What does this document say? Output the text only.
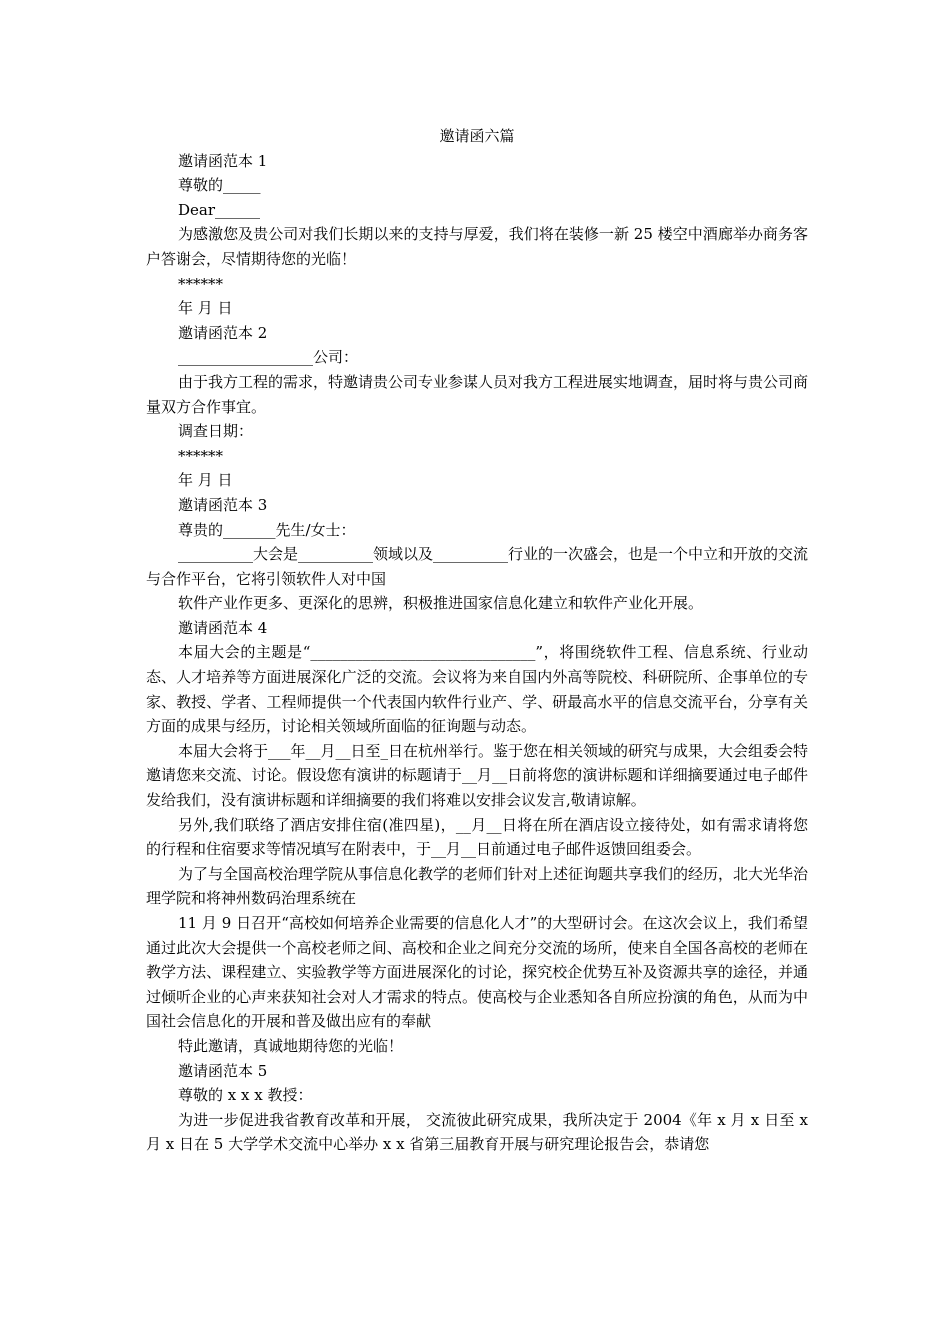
邀请函六篇

邀请函范本 1

尊敬的_____

Dear______

为感激您及贵公司对我们长期以来的支持与厚爱，我们将在装修一新 25 楼空中酒廊举办商务客户答谢会，尽情期待您的光临！

******

年 月 日

邀请函范本 2

__________________公司：

由于我方工程的需求，特邀请贵公司专业参谋人员对我方工程进展实地调查，届时将与贵公司商量双方合作事宜。

调查日期：

******

年 月 日

邀请函范本 3

尊贵的_______先生/女士：

__________大会是__________领域以及__________行业的一次盛会，也是一个中立和开放的交流与合作平台，它将引领软件人对中国

软件产业作更多、更深化的思辨，积极推进国家信息化建立和软件产业化开展。

邀请函范本 4

本届大会的主题是“______________________________”，将围绕软件工程、信息系统、行业动态、人才培养等方面进展深化广泛的交流。会议将为来自国内外高等院校、科研院所、企事单位的专家、教授、学者、工程师提供一个代表国内软件行业产、学、研最高水平的信息交流平台，分享有关方面的成果与经历，讨论相关领域所面临的征询题与动态。

本届大会将于___年__月__日至_日在杭州举行。鉴于您在相关领域的研究与成果，大会组委会特邀请您来交流、讨论。假设您有演讲的标题请于__月__日前将您的演讲标题和详细摘要通过电子邮件发给我们，没有演讲标题和详细摘要的我们将难以安排会议发言,敬请谅解。

另外,我们联络了酒店安排住宿(准四星)，__月__日将在所在酒店设立接待处，如有需求请将您的行程和住宿要求等情况填写在附表中，于__月__日前通过电子邮件返馈回组委会。

为了与全国高校治理学院从事信息化教学的老师们针对上述征询题共享我们的经历，北大光华治理学院和将神州数码治理系统在

11 月 9 日召开“高校如何培养企业需要的信息化人才”的大型研讨会。在这次会议上，我们希望通过此次大会提供一个高校老师之间、高校和企业之间充分交流的场所，使来自全国各高校的老师在教学方法、课程建立、实验教学等方面进展深化的讨论，探究校企优势互补及资源共享的途径，并通过倾听企业的心声来获知社会对人才需求的特点。使高校与企业悉知各自所应扮演的角色，从而为中国社会信息化的开展和普及做出应有的奉献

特此邀请，真诚地期待您的光临！

邀请函范本 5

尊敬的 x x x 教授：

为进一步促进我省教育改革和开展， 交流彼此研究成果，我所决定于 2004《年 x 月 x 日至 x 月 x 日在 5 大学学术交流中心举办 x x 省第三届教育开展与研究理论报告会，恭请您
